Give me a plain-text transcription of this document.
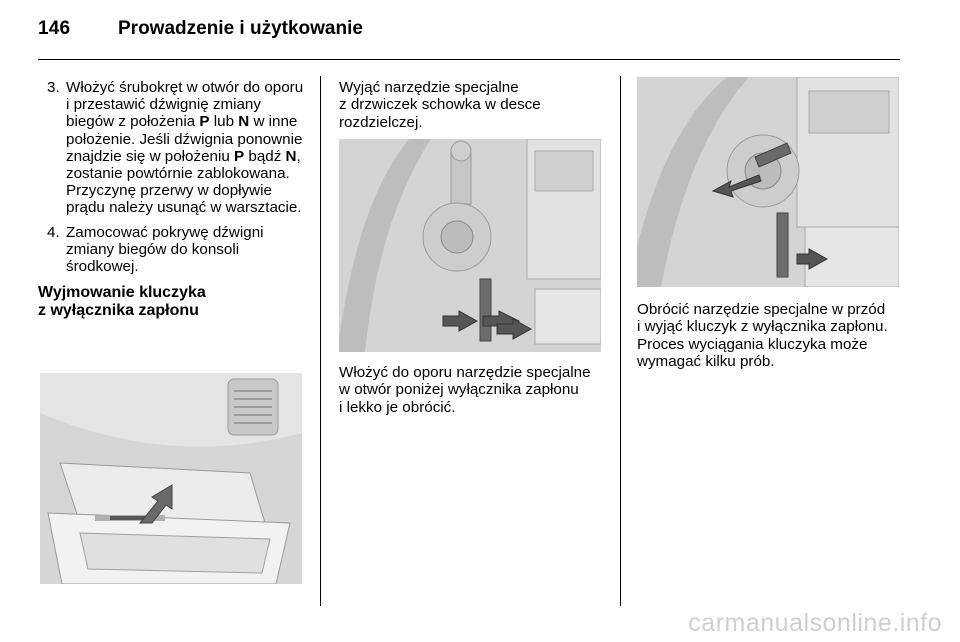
146	Prowadzenie i użytkowanie
3. Włożyć śrubokręt w otwór do oporu i przestawić dźwignię zmiany biegów z położenia P lub N w inne położenie. Jeśli dźwignia ponownie znajdzie się w położeniu P bądź N, zostanie powtórnie zablokowana. Przyczynę przerwy w dopływie prądu należy usunąć w warsztacie.
4. Zamocować pokrywę dźwigni zmiany biegów do konsoli środkowej.
Wyjmowanie kluczyka
z wyłącznika zapłonu
Wyjąć narzędzie specjalne
z drzwiczek schowka w desce
rozdzielczej.
Włożyć do oporu narzędzie specjalne
w otwór poniżej wyłącznika zapłonu
i lekko je obrócić.
Obrócić narzędzie specjalne w przód
i wyjąć kluczyk z wyłącznika zapłonu.
Proces wyciągania kluczyka może
wymagać kilku prób.
carmanualsonline.info
